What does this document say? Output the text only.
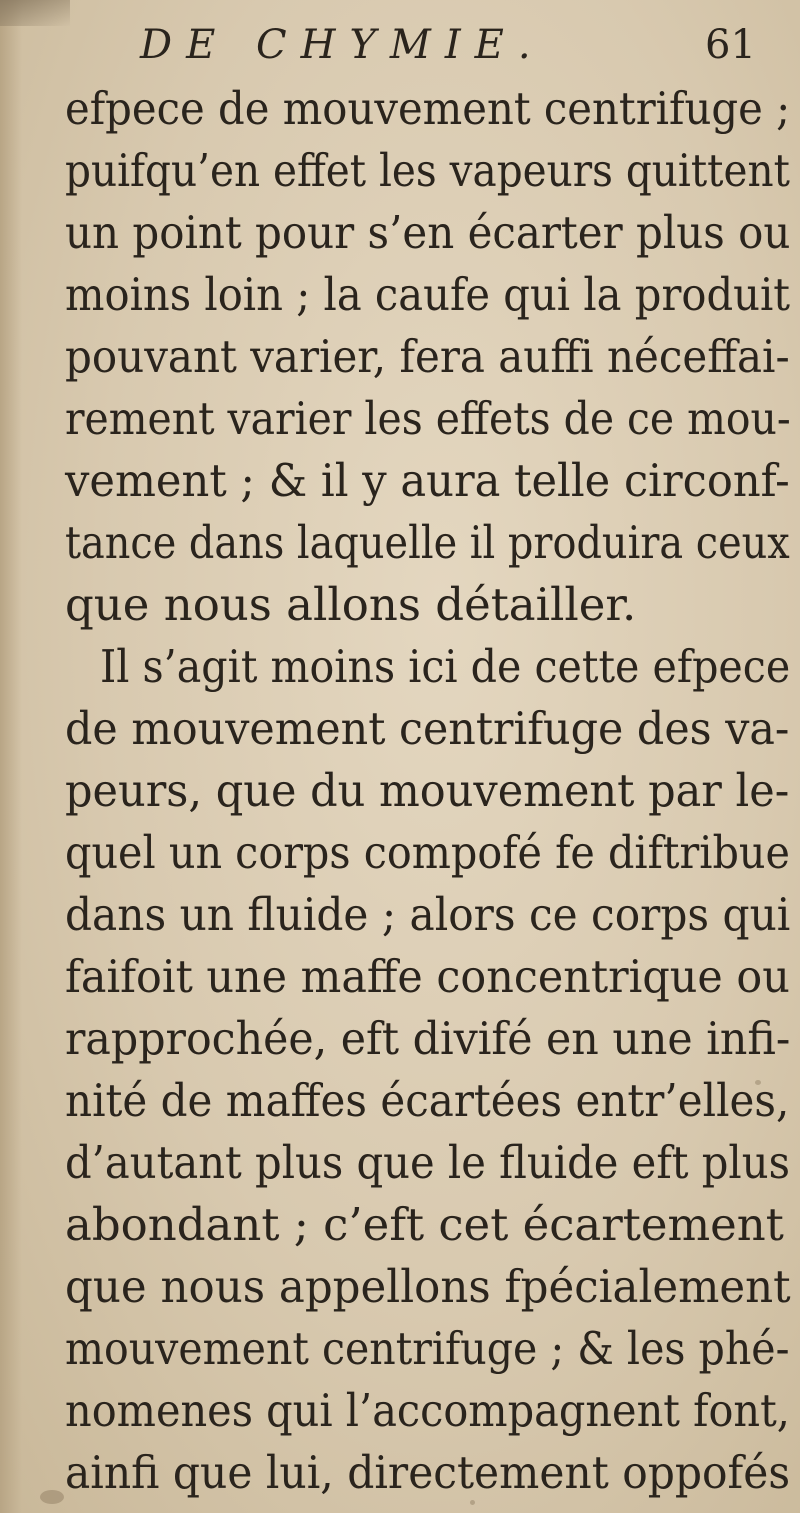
DE CHYMIE.	61
efpece de mouvement centrifuge ;
puifqu’en effet les vapeurs quittent
un point pour s’en écarter plus ou
moins loin ; la caufe qui la produit
pouvant varier, fera auffi néceffai-
rement varier les effets de ce mou-
vement ; & il y aura telle circonf-
tance dans laquelle il produira ceux
que nous allons détailler.
Il s’agit moins ici de cette efpece
de mouvement centrifuge des va-
peurs, que du mouvement par le-
quel un corps compofé fe diftribue
dans un fluide ; alors ce corps qui
faifoit une maffe concentrique ou
rapprochée, eft divifé en une infi-
nité de maffes écartées entr’elles,
d’autant plus que le fluide eft plus
abondant ; c’eft cet écartement
que nous appellons fpécialement
mouvement centrifuge ; & les phé-
nomenes qui l’accompagnent font,
ainfi que lui, directement oppofés
